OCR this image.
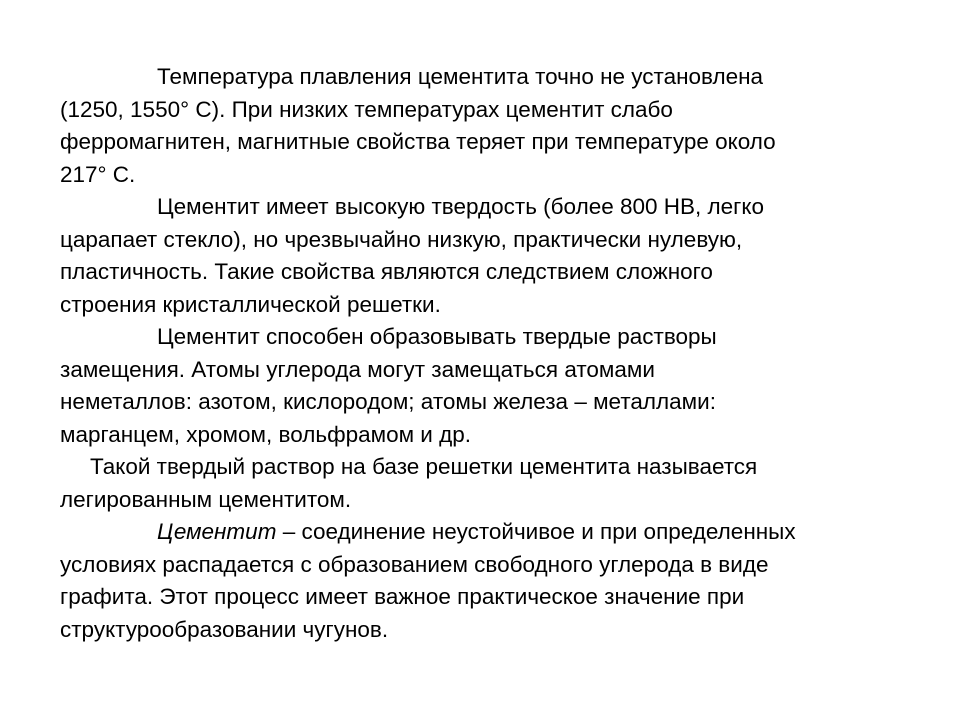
Температура плавления цементита точно не установлена
(1250, 1550° С). При низких температурах цементит слабо
ферромагнитен, магнитные свойства теряет при температуре около
217° С.
Цементит имеет высокую твердость (более 800 НВ, легко
царапает стекло), но чрезвычайно низкую, практически нулевую,
пластичность. Такие свойства являются следствием сложного
строения кристаллической решетки.
Цементит способен образовывать твердые растворы
замещения. Атомы углерода могут замещаться атомами
неметаллов: азотом, кислородом; атомы железа – металлами:
марганцем, хромом, вольфрамом и др.
Такой твердый раствор на базе решетки цементита называется
легированным цементитом.
Цементит – соединение неустойчивое и при определенных
условиях распадается с образованием свободного углерода в виде
графита. Этот процесс имеет важное практическое значение при
структурообразовании чугунов.
